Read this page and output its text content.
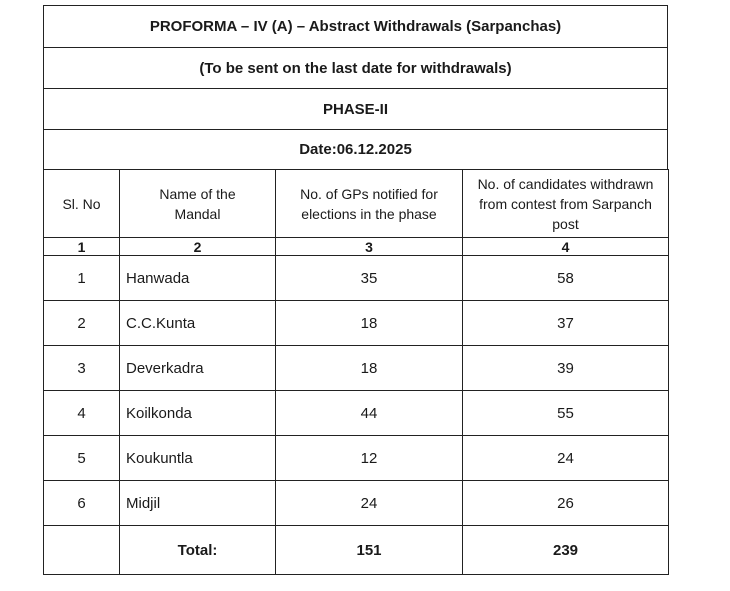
PROFORMA – IV (A) – Abstract Withdrawals (Sarpanchas)
(To be sent on the last date for withdrawals)
PHASE-II
Date:06.12.2025
Sl. No	Name of the Mandal	No. of GPs notified for elections in the phase	No. of candidates withdrawn from contest from Sarpanch post
1	2	3	4
1	Hanwada	35	58
2	C.C.Kunta	18	37
3	Deverkadra	18	39
4	Koilkonda	44	55
5	Koukuntla	12	24
6	Midjil	24	26
	Total:	151	239
